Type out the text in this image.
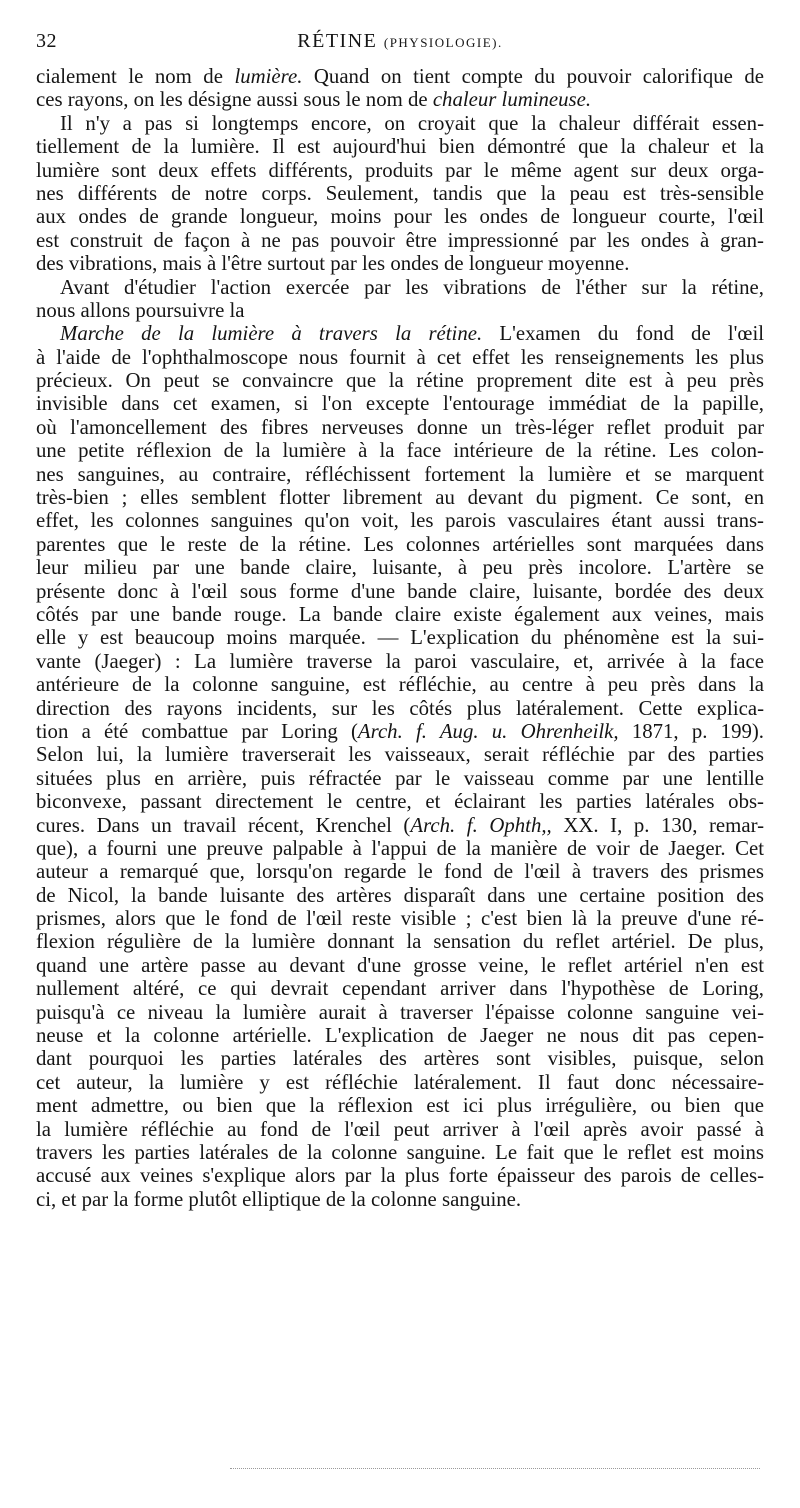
32	RÉTINE (PHYSIOLOGIE).
cialement le nom de lumière. Quand on tient compte du pouvoir calorifique de
ces rayons, on les désigne aussi sous le nom de chaleur lumineuse.
Il n'y a pas si longtemps encore, on croyait que la chaleur différait essen-
tiellement de la lumière. Il est aujourd'hui bien démontré que la chaleur et la
lumière sont deux effets différents, produits par le même agent sur deux orga-
nes différents de notre corps. Seulement, tandis que la peau est très-sensible
aux ondes de grande longueur, moins pour les ondes de longueur courte, l'œil
est construit de façon à ne pas pouvoir être impressionné par les ondes à gran-
des vibrations, mais à l'être surtout par les ondes de longueur moyenne.
Avant d'étudier l'action exercée par les vibrations de l'éther sur la rétine,
nous allons poursuivre la
Marche de la lumière à travers la rétine. L'examen du fond de l'œil
à l'aide de l'ophthalmoscope nous fournit à cet effet les renseignements les plus
précieux. On peut se convaincre que la rétine proprement dite est à peu près
invisible dans cet examen, si l'on excepte l'entourage immédiat de la papille,
où l'amoncellement des fibres nerveuses donne un très-léger reflet produit par
une petite réflexion de la lumière à la face intérieure de la rétine. Les colon-
nes sanguines, au contraire, réfléchissent fortement la lumière et se marquent
très-bien ; elles semblent flotter librement au devant du pigment. Ce sont, en
effet, les colonnes sanguines qu'on voit, les parois vasculaires étant aussi trans-
parentes que le reste de la rétine. Les colonnes artérielles sont marquées dans
leur milieu par une bande claire, luisante, à peu près incolore. L'artère se
présente donc à l'œil sous forme d'une bande claire, luisante, bordée des deux
côtés par une bande rouge. La bande claire existe également aux veines, mais
elle y est beaucoup moins marquée. — L'explication du phénomène est la sui-
vante (Jaeger) : La lumière traverse la paroi vasculaire, et, arrivée à la face
antérieure de la colonne sanguine, est réfléchie, au centre à peu près dans la
direction des rayons incidents, sur les côtés plus latéralement. Cette explica-
tion a été combattue par Loring (Arch. f. Aug. u. Ohrenheilk, 1871, p. 199).
Selon lui, la lumière traverserait les vaisseaux, serait réfléchie par des parties
situées plus en arrière, puis réfractée par le vaisseau comme par une lentille
biconvexe, passant directement le centre, et éclairant les parties latérales obs-
cures. Dans un travail récent, Krenchel (Arch. f. Ophth,, XX. I, p. 130, remar-
que), a fourni une preuve palpable à l'appui de la manière de voir de Jaeger. Cet
auteur a remarqué que, lorsqu'on regarde le fond de l'œil à travers des prismes
de Nicol, la bande luisante des artères disparaît dans une certaine position des
prismes, alors que le fond de l'œil reste visible ; c'est bien là la preuve d'une ré-
flexion régulière de la lumière donnant la sensation du reflet artériel. De plus,
quand une artère passe au devant d'une grosse veine, le reflet artériel n'en est
nullement altéré, ce qui devrait cependant arriver dans l'hypothèse de Loring,
puisqu'à ce niveau la lumière aurait à traverser l'épaisse colonne sanguine vei-
neuse et la colonne artérielle. L'explication de Jaeger ne nous dit pas cepen-
dant pourquoi les parties latérales des artères sont visibles, puisque, selon
cet auteur, la lumière y est réfléchie latéralement. Il faut donc nécessaire-
ment admettre, ou bien que la réflexion est ici plus irrégulière, ou bien que
la lumière réfléchie au fond de l'œil peut arriver à l'œil après avoir passé à
travers les parties latérales de la colonne sanguine. Le fait que le reflet est moins
accusé aux veines s'explique alors par la plus forte épaisseur des parois de celles-
ci, et par la forme plutôt elliptique de la colonne sanguine.
